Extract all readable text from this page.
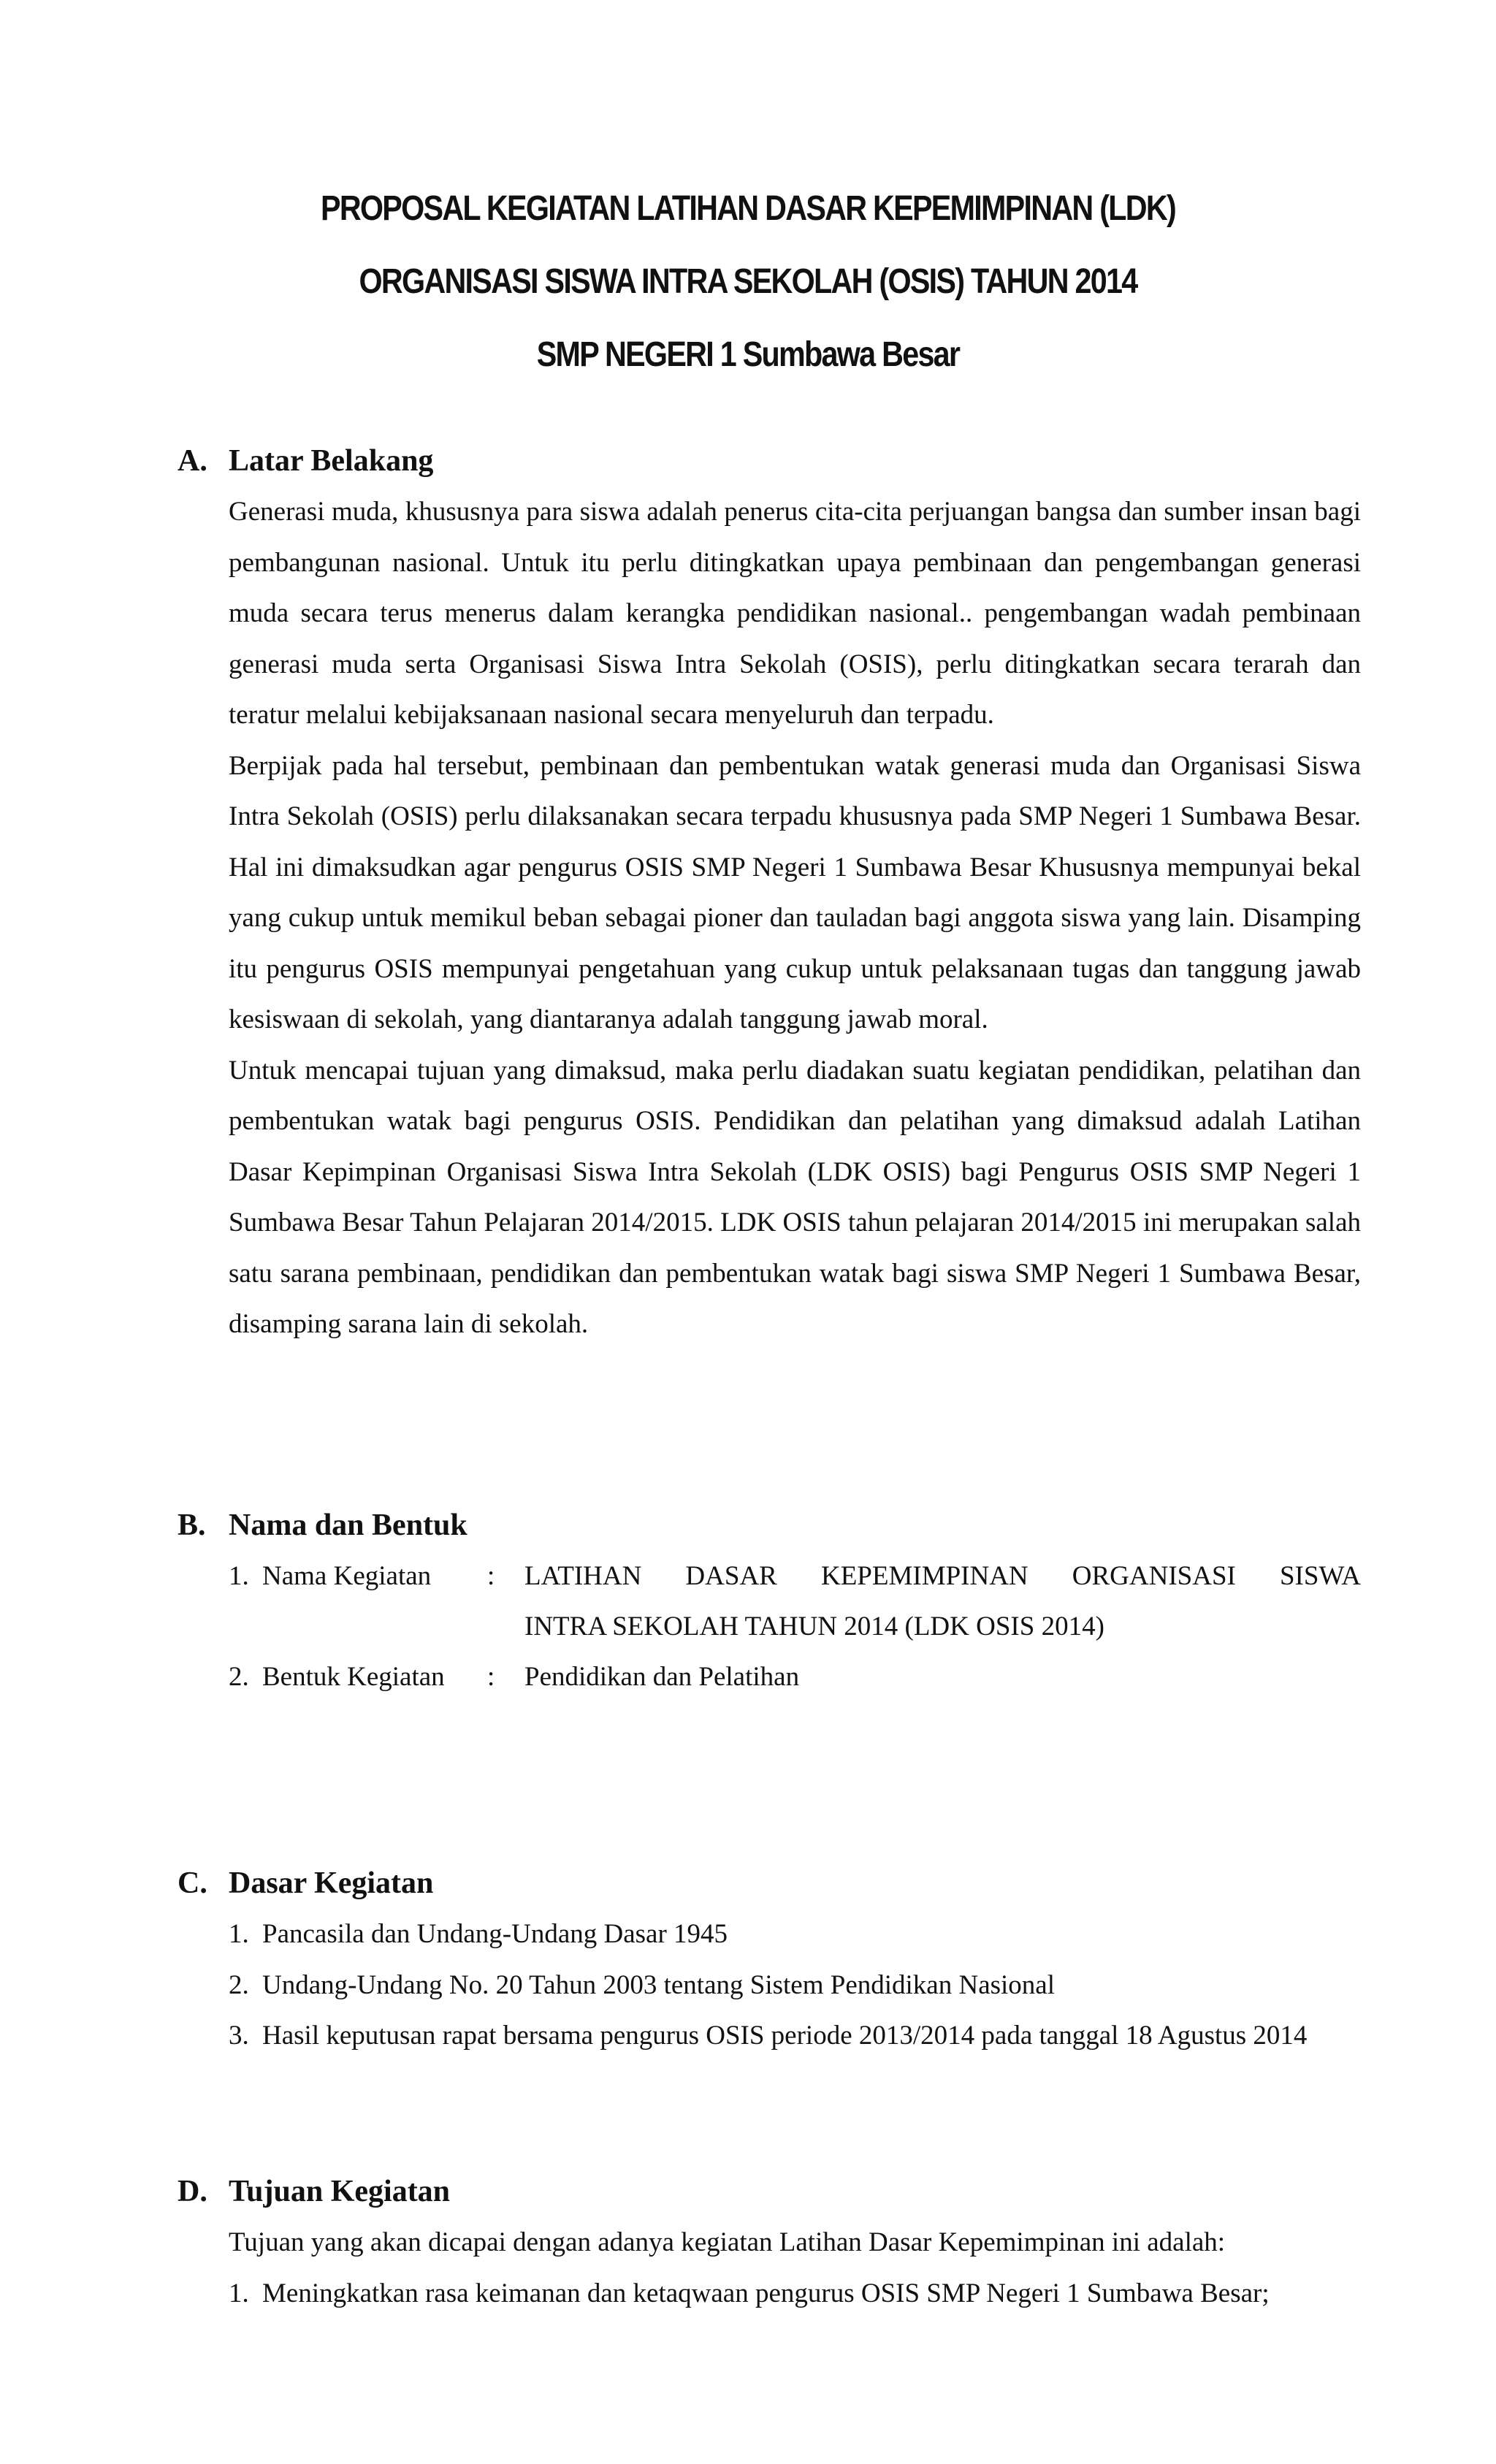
PROPOSAL KEGIATAN LATIHAN DASAR KEPEMIMPINAN (LDK)
ORGANISASI SISWA INTRA SEKOLAH (OSIS) TAHUN 2014
SMP NEGERI 1 Sumbawa Besar
A. Latar Belakang

Generasi muda, khususnya para siswa adalah penerus cita-cita perjuangan bangsa dan sumber insan bagi pembangunan nasional. Untuk itu perlu ditingkatkan upaya pembinaan dan pengembangan generasi muda secara terus menerus dalam kerangka pendidikan nasional.. pengembangan wadah pembinaan generasi muda serta Organisasi Siswa Intra Sekolah (OSIS), perlu ditingkatkan secara terarah dan teratur melalui kebijaksanaan nasional secara menyeluruh dan terpadu.

Berpijak pada hal tersebut, pembinaan dan pembentukan watak generasi muda dan Organisasi Siswa Intra Sekolah (OSIS) perlu dilaksanakan secara terpadu khususnya pada SMP Negeri 1 Sumbawa Besar. Hal ini dimaksudkan agar pengurus OSIS SMP Negeri 1 Sumbawa Besar Khususnya mempunyai bekal yang cukup untuk memikul beban sebagai pioner dan tauladan bagi anggota siswa yang lain. Disamping itu pengurus OSIS mempunyai pengetahuan yang cukup untuk pelaksanaan tugas dan tanggung jawab kesiswaan di sekolah, yang diantaranya adalah tanggung jawab moral.

Untuk mencapai tujuan yang dimaksud, maka perlu diadakan suatu kegiatan pendidikan, pelatihan dan pembentukan watak bagi pengurus OSIS. Pendidikan dan pelatihan yang dimaksud adalah Latihan Dasar Kepimpinan Organisasi Siswa Intra Sekolah (LDK OSIS) bagi Pengurus OSIS SMP Negeri 1 Sumbawa Besar Tahun Pelajaran 2014/2015. LDK OSIS tahun pelajaran 2014/2015 ini merupakan salah satu sarana pembinaan, pendidikan dan pembentukan watak bagi siswa SMP Negeri 1 Sumbawa Besar, disamping sarana lain di sekolah.

B. Nama dan Bentuk
1. Nama Kegiatan	: LATIHAN DASAR KEPEMIMPINAN ORGANISASI SISWA
INTRA SEKOLAH TAHUN 2014 (LDK OSIS 2014)
2. Bentuk Kegiatan	: Pendidikan dan Pelatihan
C. Dasar Kegiatan
1. Pancasila dan Undang-Undang Dasar 1945
2. Undang-Undang No. 20 Tahun 2003 tentang Sistem Pendidikan Nasional
3. Hasil keputusan rapat bersama pengurus OSIS periode 2013/2014 pada tanggal 18 Agustus 2014
D. Tujuan Kegiatan
Tujuan yang akan dicapai dengan adanya kegiatan Latihan Dasar Kepemimpinan ini adalah:
1. Meningkatkan rasa keimanan dan ketaqwaan pengurus OSIS SMP Negeri 1 Sumbawa Besar;
